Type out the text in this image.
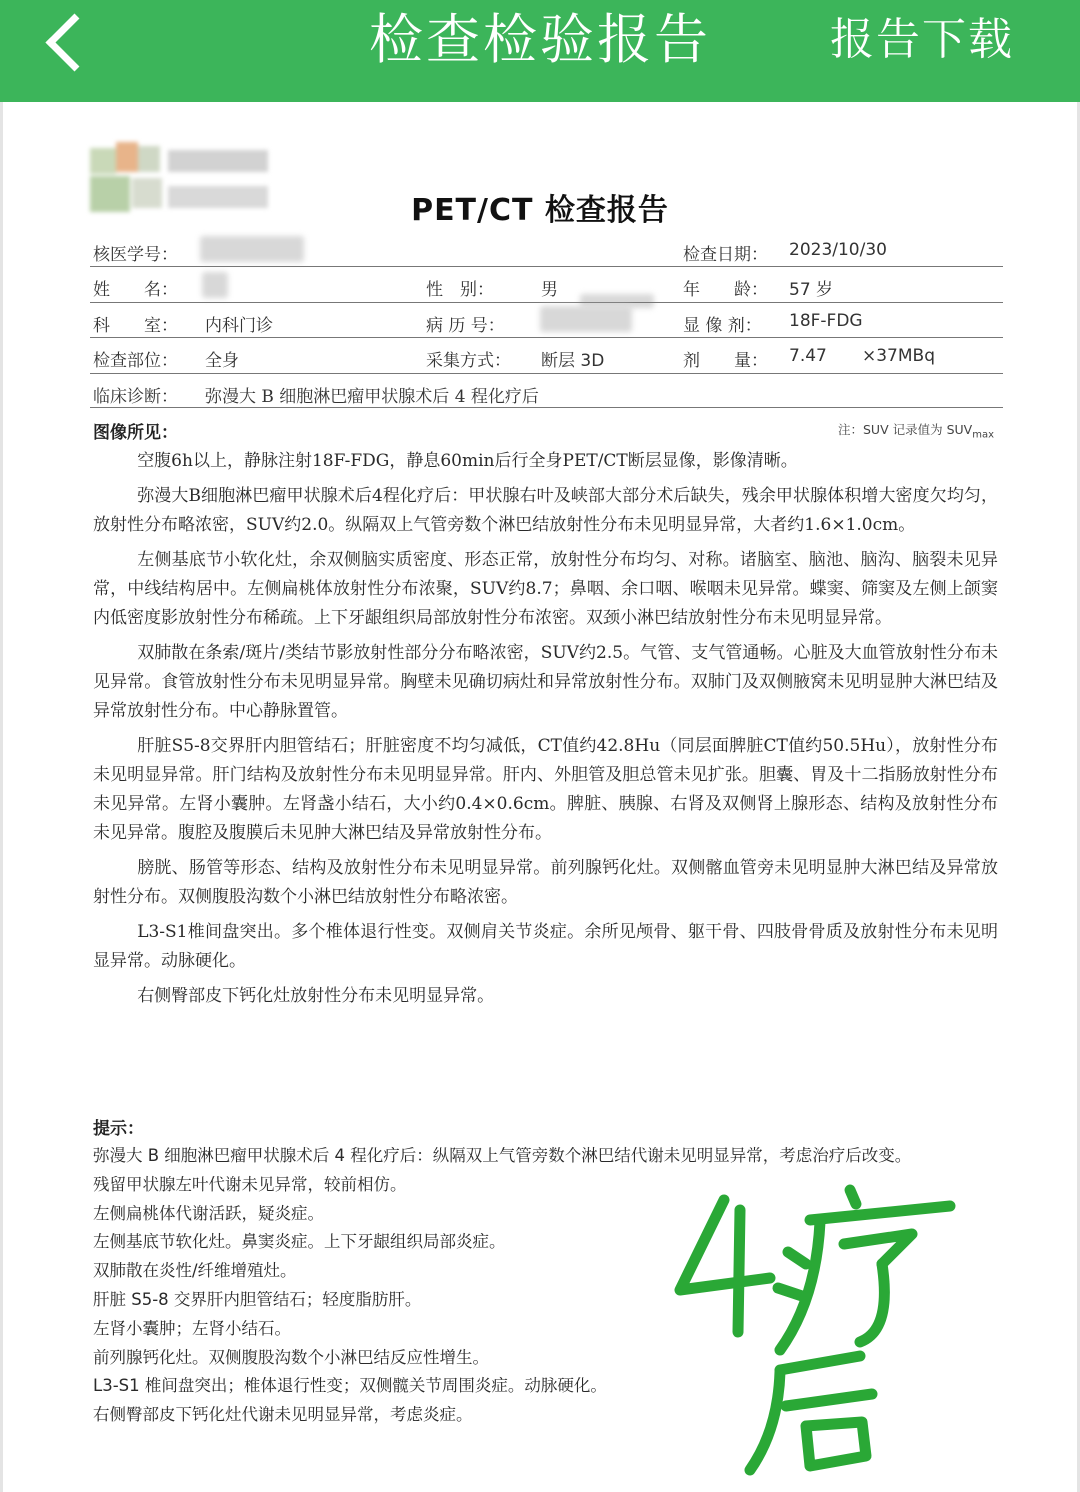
检查检验报告	报告下载
PET/CT 检查报告
核医学号：	检查日期： 2023/10/30
姓　　名：	性　别：	男	年　　龄： 57 岁
科　　室： 内科门诊	病 历 号：	显 像 剂： 18F-FDG
检查部位： 全身	采集方式： 断层 3D	剂　　量： 7.47 ×37MBq
临床诊断： 弥漫大 B 细胞淋巴瘤甲状腺术后 4 程化疗后
图像所见：	注：SUV 记录值为 $SUV_{max}$

空腹6h以上，静脉注射18F-FDG，静息60min后行全身PET/CT断层显像，影像清晰。

弥漫大B细胞淋巴瘤甲状腺术后4程化疗后：甲状腺右叶及峡部大部分术后缺失，残余甲状腺体积增大密度欠均匀，放射性分布略浓密，SUV约2.0。纵隔双上气管旁数个淋巴结放射性分布未见明显异常，大者约1.6×1.0cm。

左侧基底节小软化灶，余双侧脑实质密度、形态正常，放射性分布均匀、对称。诸脑室、脑池、脑沟、脑裂未见异常，中线结构居中。左侧扁桃体放射性分布浓聚，SUV约8.7；鼻咽、余口咽、喉咽未见异常。蝶窦、筛窦及左侧上颌窦内低密度影放射性分布稀疏。上下牙龈组织局部放射性分布浓密。双颈小淋巴结放射性分布未见明显异常。

双肺散在条索/斑片/类结节影放射性部分分布略浓密，SUV约2.5。气管、支气管通畅。心脏及大血管放射性分布未见异常。食管放射性分布未见明显异常。胸壁未见确切病灶和异常放射性分布。双肺门及双侧腋窝未见明显肿大淋巴结及异常放射性分布。中心静脉置管。

肝脏S5-8交界肝内胆管结石；肝脏密度不均匀减低，CT值约42.8Hu（同层面脾脏CT值约50.5Hu），放射性分布未见明显异常。肝门结构及放射性分布未见明显异常。肝内、外胆管及胆总管未见扩张。胆囊、胃及十二指肠放射性分布未见异常。左肾小囊肿。左肾盏小结石，大小约0.4×0.6cm。脾脏、胰腺、右肾及双侧肾上腺形态、结构及放射性分布未见异常。腹腔及腹膜后未见肿大淋巴结及异常放射性分布。

膀胱、肠管等形态、结构及放射性分布未见明显异常。前列腺钙化灶。双侧髂血管旁未见明显肿大淋巴结及异常放射性分布。双侧腹股沟数个小淋巴结放射性分布略浓密。

L3-S1椎间盘突出。多个椎体退行性变。双侧肩关节炎症。余所见颅骨、躯干骨、四肢骨骨质及放射性分布未见明显异常。动脉硬化。

右侧臀部皮下钙化灶放射性分布未见明显异常。

提示：
弥漫大 B 细胞淋巴瘤甲状腺术后 4 程化疗后：纵隔双上气管旁数个淋巴结代谢未见明显异常，考虑治疗后改变。
残留甲状腺左叶代谢未见异常，较前相仿。
左侧扁桃体代谢活跃，疑炎症。
左侧基底节软化灶。鼻窦炎症。上下牙龈组织局部炎症。
双肺散在炎性/纤维增殖灶。
肝脏 S5-8 交界肝内胆管结石；轻度脂肪肝。
左肾小囊肿；左肾小结石。
前列腺钙化灶。双侧腹股沟数个小淋巴结反应性增生。
L3-S1 椎间盘突出；椎体退行性变；双侧髋关节周围炎症。动脉硬化。
右侧臀部皮下钙化灶代谢未见明显异常，考虑炎症。
